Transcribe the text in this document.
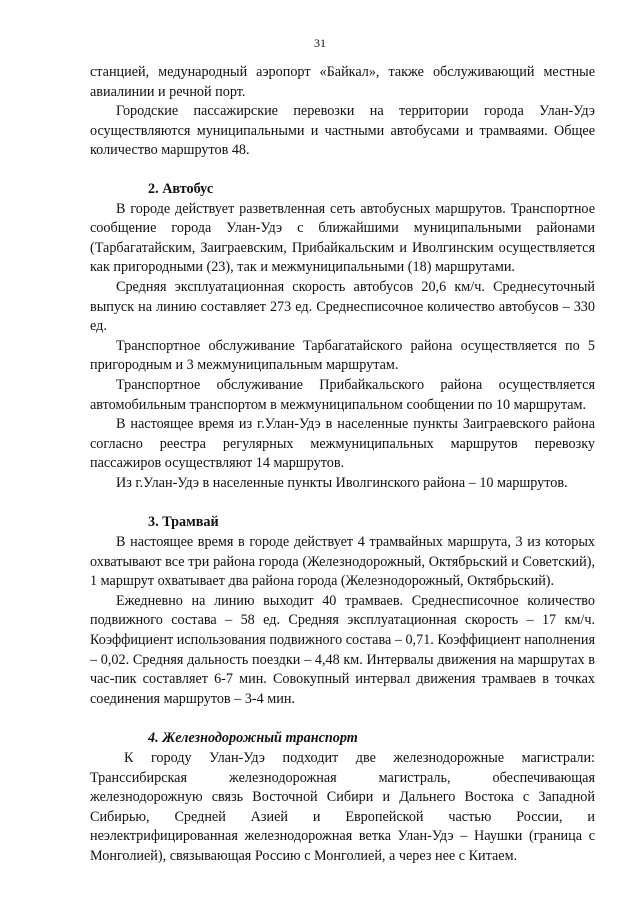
31

станцией, медународный аэропорт «Байкал», также обслуживающий местные авиалинии и речной порт.

Городские пассажирские перевозки на территории города Улан-Удэ осуществляются муниципальными и частными автобусами и трамваями. Общее количество маршрутов 48.

2. Автобус

В городе действует разветвленная сеть автобусных маршрутов. Транспортное сообщение города Улан-Удэ с ближайшими муниципальными районами (Тарбагатайским, Заиграевским, Прибайкальским и Иволгинским осуществляется как пригородными (23), так и межмуниципальными (18) маршрутами.

Средняя эксплуатационная скорость автобусов 20,6 км/ч. Среднесуточный выпуск на линию составляет 273 ед. Среднесписочное количество автобусов – 330 ед.

Транспортное обслуживание Тарбагатайского района осуществляется по 5 пригородным и 3 межмуниципальным маршрутам.

Транспортное обслуживание Прибайкальского района осуществляется автомобильным транспортом в межмуниципальном сообщении по 10 маршрутам.

В настоящее время из г.Улан-Удэ в населенные пункты Заиграевского района согласно реестра регулярных межмуниципальных маршрутов перевозку пассажиров осуществляют 14 маршрутов.

Из г.Улан-Удэ в населенные пункты Иволгинского района – 10 маршрутов.

3. Трамвай

В настоящее время в городе действует 4 трамвайных маршрута, 3 из которых охватывают все три района города (Железнодорожный, Октябрьский и Советский), 1 маршрут охватывает два района города (Железнодорожный, Октябрьский).

Ежедневно на линию выходит 40 трамваев. Среднесписочное количество подвижного состава – 58 ед. Средняя эксплуатационная скорость – 17 км/ч. Коэффициент использования подвижного состава – 0,71. Коэффициент наполнения – 0,02. Средняя дальность поездки – 4,48 км. Интервалы движения на маршрутах в час-пик составляет 6-7 мин. Совокупный интервал движения трамваев в точках соединения маршрутов – 3-4 мин.

4. Железнодорожный транспорт

К городу Улан-Удэ подходит две железнодорожные магистрали: Транссибирская железнодорожная магистраль, обеспечивающая железнодорожную связь Восточной Сибири и Дальнего Востока с Западной Сибирью, Средней Азией и Европейской частью России, и неэлектрифицированная железнодорожная ветка Улан-Удэ – Наушки (граница с Монголией), связывающая Россию с Монголией, а через нее с Китаем.
